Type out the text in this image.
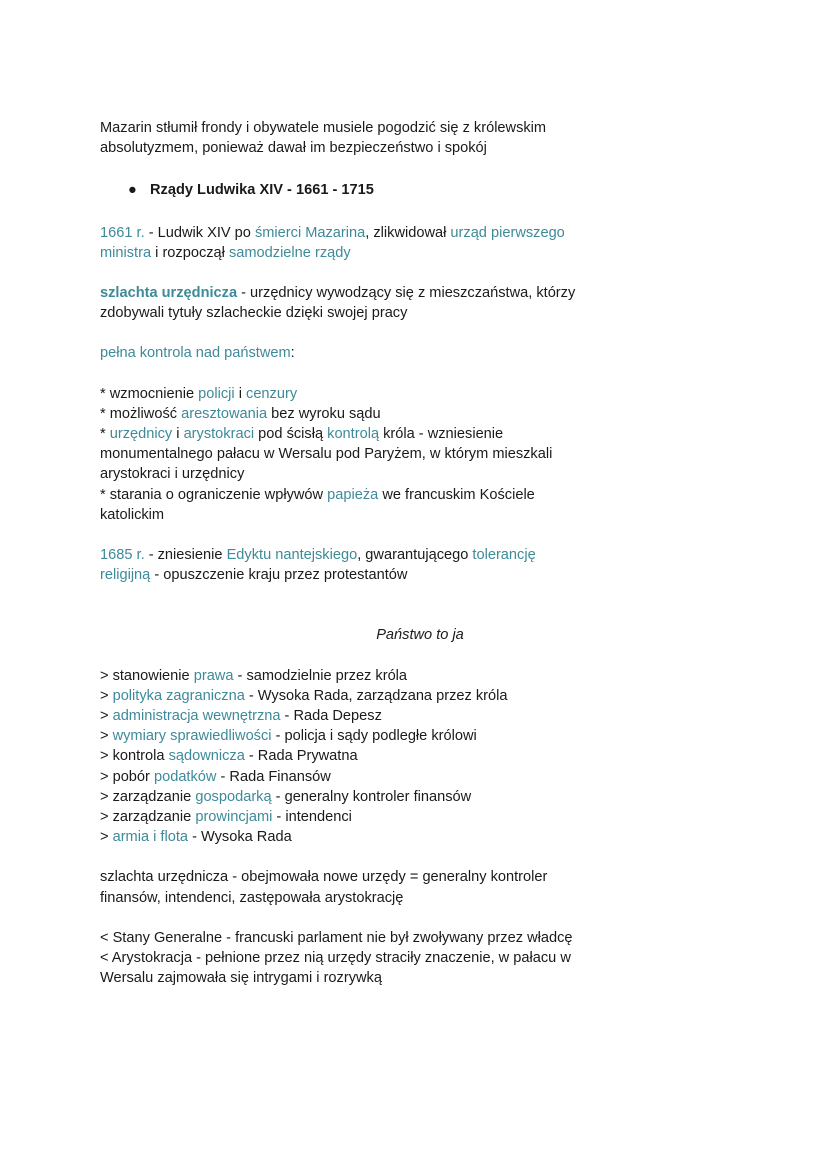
Mazarin stłumił frondy i obywatele musiele pogodzić się z królewskim
absolutyzmem, ponieważ dawał im bezpieczeństwo i spokój

● Rządy Ludwika XIV - 1661 - 1715

1661 r. - Ludwik XIV po śmierci Mazarina, zlikwidował urząd pierwszego
ministra i rozpoczął samodzielne rządy

szlachta urzędnicza - urzędnicy wywodzący się z mieszczaństwa, którzy
zdobywali tytuły szlacheckie dzięki swojej pracy

pełna kontrola nad państwem:

* wzmocnienie policji i cenzury

* możliwość aresztowania bez wyroku sądu

* urzędnicy i arystokraci pod ścisłą kontrolą króla - wzniesienie
monumentalnego pałacu w Wersalu pod Paryżem, w którym mieszkali
arystokraci i urzędnicy

* starania o ograniczenie wpływów papieża we francuskim Kościele
katolickim

1685 r. - zniesienie Edyktu nantejskiego, gwarantującego tolerancję
religijną - opuszczenie kraju przez protestantów

Państwo to ja

> stanowienie prawa - samodzielnie przez króla

> polityka zagraniczna - Wysoka Rada, zarządzana przez króla

> administracja wewnętrzna - Rada Depesz

> wymiary sprawiedliwości - policja i sądy podległe królowi

> kontrola sądownicza - Rada Prywatna

> pobór podatków - Rada Finansów

> zarządzanie gospodarką - generalny kontroler finansów

> zarządzanie prowincjami - intendenci

> armia i flota - Wysoka Rada

szlachta urzędnicza - obejmowała nowe urzędy = generalny kontroler
finansów, intendenci, zastępowała arystokrację

< Stany Generalne - francuski parlament nie był zwoływany przez władcę
< Arystokracja - pełnione przez nią urzędy straciły znaczenie, w pałacu w
Wersalu zajmowała się intrygami i rozrywką
